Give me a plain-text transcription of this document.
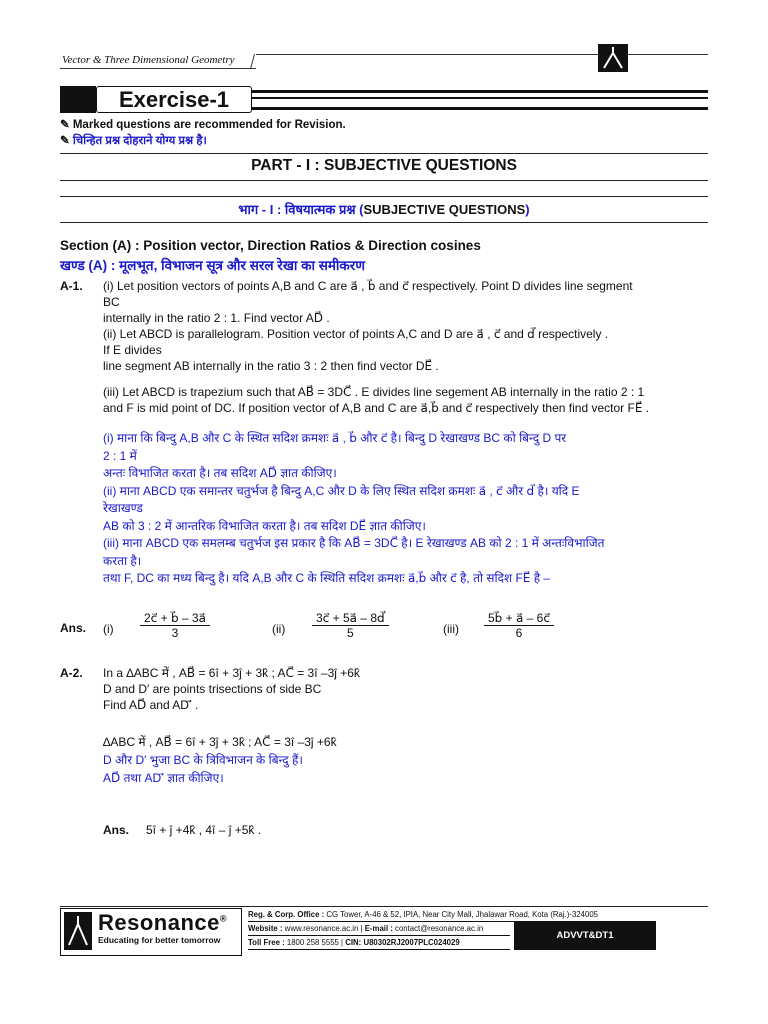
Vector & Three Dimensional Geometry
Exercise-1
✎ Marked questions are recommended for Revision.
✎ चिन्हित प्रश्न दोहराने योग्य प्रश्न है।
PART - I : SUBJECTIVE QUESTIONS
भाग - I : विषयात्मक प्रश्न (SUBJECTIVE QUESTIONS)
Section (A) : Position vector, Direction Ratios & Direction cosines
खण्ड (A) : मूलभूत, विभाजन सूत्र और सरल रेखा का समीकरण
A-1. (i) Let position vectors of points A,B and C are a⃗ , b⃗ and c⃗ respectively. Point D divides line segment
BC
internally in the ratio 2 : 1. Find vector AD⃗ .
(ii) Let ABCD is parallelogram. Position vector of points A,C and D are a⃗ , c⃗ and d⃗ respectively .
If E divides
line segment AB internally in the ratio 3 : 2 then find vector DE⃗ .
(iii) Let ABCD is trapezium such that AB⃗ = 3DC⃗ . E divides line segement AB internally in the ratio 2 : 1
and F is mid point of DC. If position vector of A,B and C are a⃗,b⃗ and c⃗ respectively then find vector FE⃗ .
(i) माना कि बिन्दु A,B और C के स्थित सदिश क्रमशः a⃗ , b⃗ और c⃗ है। बिन्दु D रेखाखण्ड BC को बिन्दु D पर
2 : 1 में
अन्तः विभाजित करता है। तब सदिश AD⃗ ज्ञात कीजिए।
(ii) माना ABCD एक समान्तर चतुर्भज है बिन्दु A,C और D के लिए स्थित सदिश क्रमशः a⃗ , c⃗ और d⃗ है। यदि E
रेखाखण्ड
AB को 3 : 2 में आन्तरिक विभाजित करता है। तब सदिश DE⃗ ज्ञात कीजिए।
(iii) माना ABCD एक समलम्ब चतुर्भज इस प्रकार है कि AB⃗ = 3DC⃗ है। E रेखाखण्ड AB को 2 : 1 में अन्तःविभाजित
करता है।
तथा F, DC का मध्य बिन्दु है। यदि A,B और C के स्थिति सदिश क्रमशः a⃗,b⃗ और c⃗ है, तो सदिश FE⃗ है –
Ans. $(i) \frac{2c⃗ + b⃗ - 3a⃗}{3}$	$(ii) \frac{3c⃗ + 5a⃗ - 8d⃗}{5}$	$(iii) \frac{5b⃗ + a⃗ - 6c⃗}{6}$
A-2. In a ∆ABC में , AB⃗ = 6î + 3ĵ + 3k̂ ; AC⃗ = 3î –3ĵ +6k̂
D and D′ are points trisections of side BC
Find AD⃗ and AD′⃗ .
∆ABC में , AB⃗ = 6î + 3ĵ + 3k̂ ; AC⃗ = 3î –3ĵ +6k̂
D और D′ भुजा BC के त्रिविभाजन के बिन्दु हैं।
AD⃗ तथा AD′⃗ ज्ञात कीजिए।
Ans. 5î + ĵ +4k̂ , 4î – ĵ +5k̂ .
Resonance®
Educating for better tomorrow
Reg. & Corp. Office : CG Tower, A-46 & 52, IPIA, Near City Mall, Jhalawar Road, Kota (Raj.)-324005
Website : www.resonance.ac.in | E-mail : contact@resonance.ac.in
Toll Free : 1800 258 5555 | CIN: U80302RJ2007PLC024029
ADVVT&DT1
